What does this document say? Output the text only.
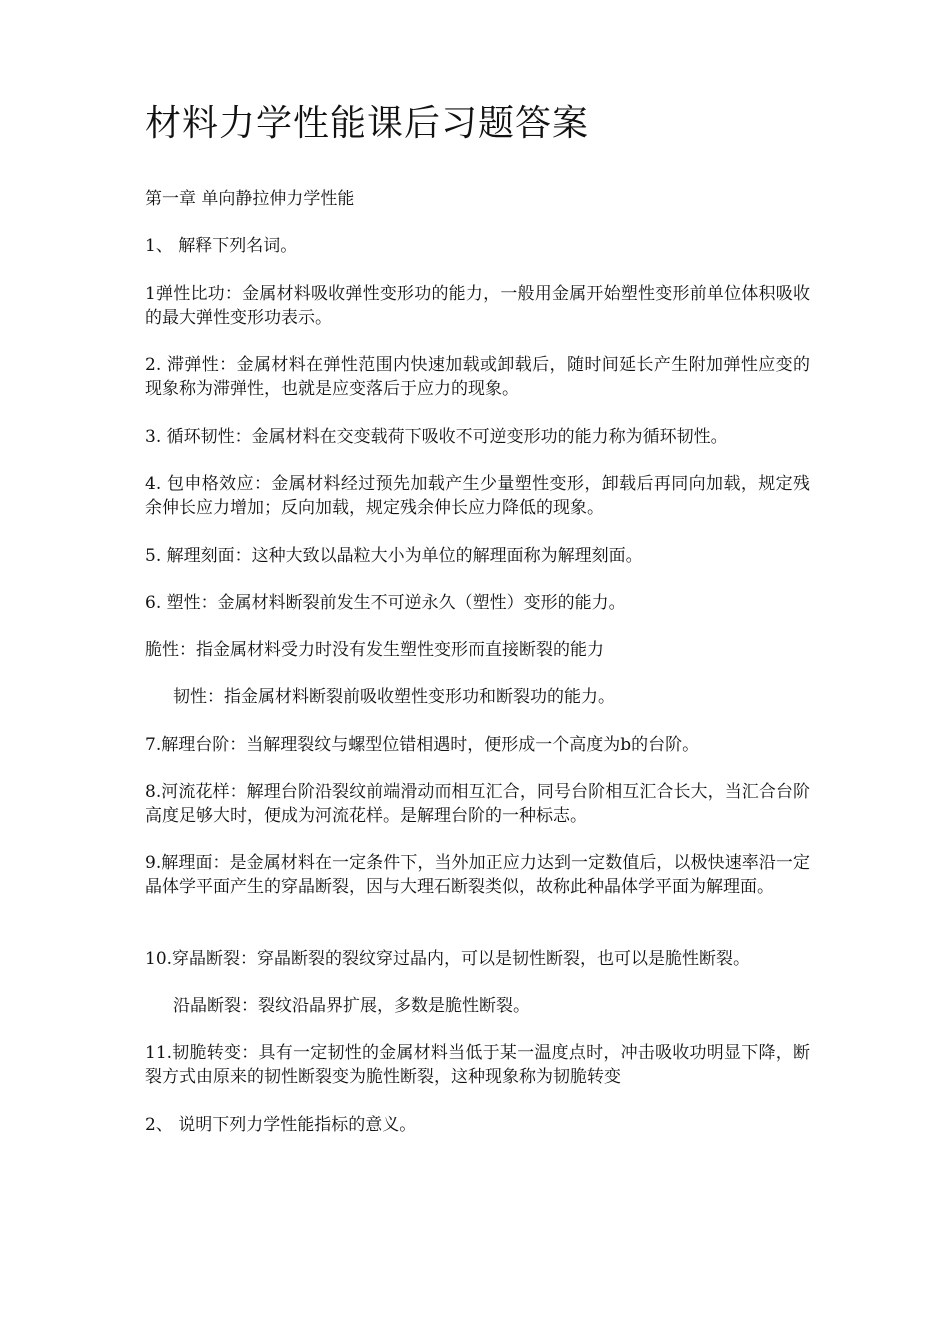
材料力学性能课后习题答案

第一章 单向静拉伸力学性能

1、 解释下列名词。

1弹性比功：金属材料吸收弹性变形功的能力，一般用金属开始塑性变形前单位体积吸收的最大弹性变形功表示。

2. 滞弹性：金属材料在弹性范围内快速加载或卸载后，随时间延长产生附加弹性应变的现象称为滞弹性，也就是应变落后于应力的现象。

3. 循环韧性：金属材料在交变载荷下吸收不可逆变形功的能力称为循环韧性。

4. 包申格效应：金属材料经过预先加载产生少量塑性变形，卸载后再同向加载，规定残余伸长应力增加；反向加载，规定残余伸长应力降低的现象。

5. 解理刻面：这种大致以晶粒大小为单位的解理面称为解理刻面。

6. 塑性：金属材料断裂前发生不可逆永久（塑性）变形的能力。

脆性：指金属材料受力时没有发生塑性变形而直接断裂的能力

韧性：指金属材料断裂前吸收塑性变形功和断裂功的能力。

7.解理台阶：当解理裂纹与螺型位错相遇时，便形成一个高度为b的台阶。

8.河流花样：解理台阶沿裂纹前端滑动而相互汇合，同号台阶相互汇合长大，当汇合台阶高度足够大时，便成为河流花样。是解理台阶的一种标志。

9.解理面：是金属材料在一定条件下，当外加正应力达到一定数值后，以极快速率沿一定晶体学平面产生的穿晶断裂，因与大理石断裂类似，故称此种晶体学平面为解理面。

10.穿晶断裂：穿晶断裂的裂纹穿过晶内，可以是韧性断裂，也可以是脆性断裂。

沿晶断裂：裂纹沿晶界扩展，多数是脆性断裂。

11.韧脆转变：具有一定韧性的金属材料当低于某一温度点时，冲击吸收功明显下降，断裂方式由原来的韧性断裂变为脆性断裂，这种现象称为韧脆转变

2、 说明下列力学性能指标的意义。
